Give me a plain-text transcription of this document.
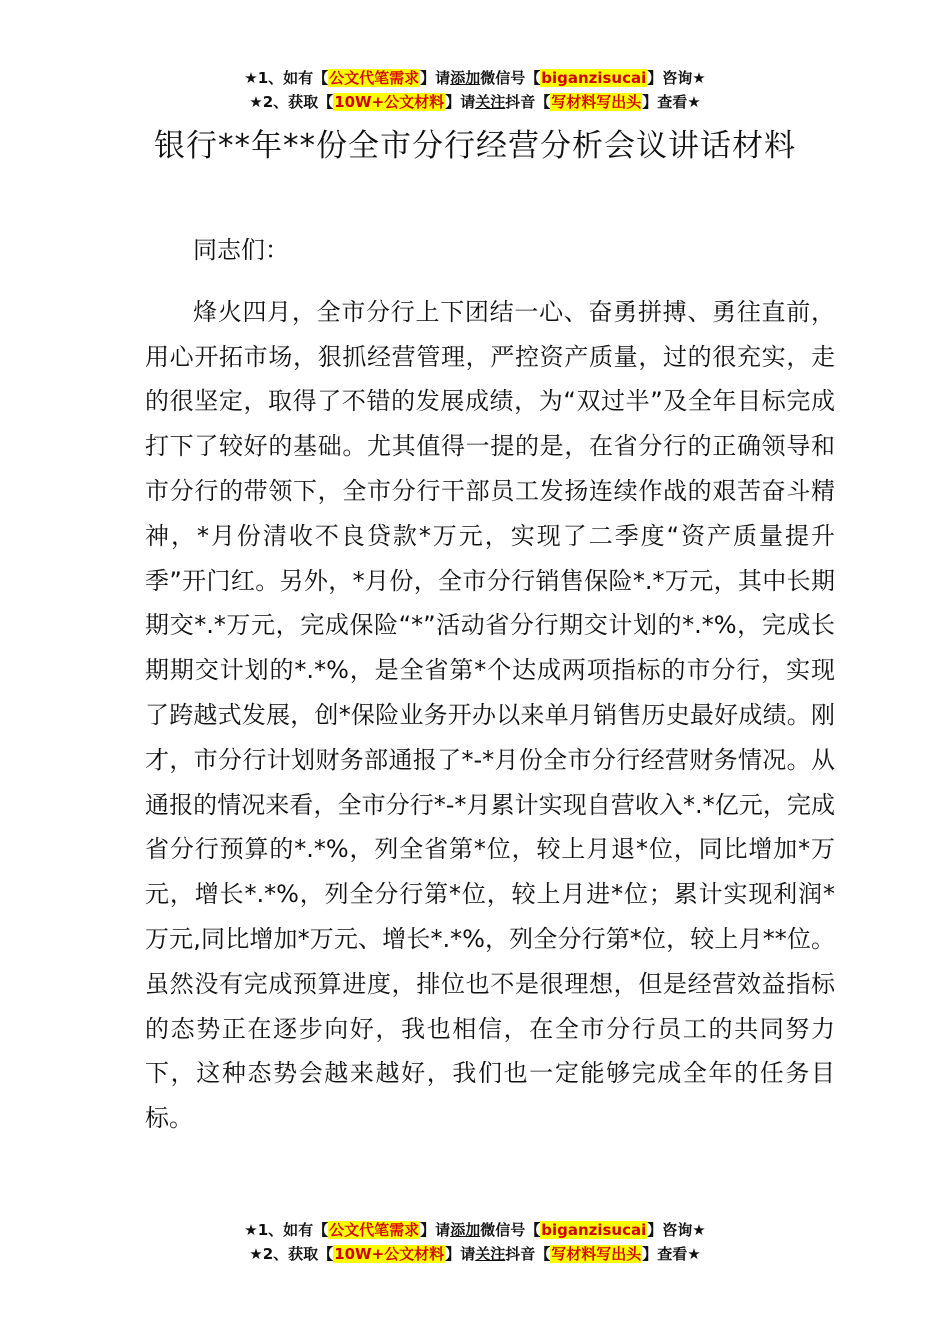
★1、如有【公文代笔需求】请添加微信号【biganzisucai】咨询★
★2、获取【10W+公文材料】请关注抖音【写材料写出头】查看★
银行**年**份全市分行经营分析会议讲话材料

同志们：

烽火四月，全市分行上下团结一心、奋勇拼搏、勇往直前，用心开拓市场，狠抓经营管理，严控资产质量，过的很充实，走的很坚定，取得了不错的发展成绩，为“双过半”及全年目标完成打下了较好的基础。尤其值得一提的是，在省分行的正确领导和市分行的带领下，全市分行干部员工发扬连续作战的艰苦奋斗精神，*月份清收不良贷款*万元，实现了二季度“资产质量提升季”开门红。另外，*月份，全市分行销售保险*.*万元，其中长期期交*.*万元，完成保险“*”活动省分行期交计划的*.*%，完成长期期交计划的*.*%，是全省第*个达成两项指标的市分行，实现了跨越式发展，创*保险业务开办以来单月销售历史最好成绩。刚才，市分行计划财务部通报了*-*月份全市分行经营财务情况。从通报的情况来看，全市分行*-*月累计实现自营收入*.*亿元，完成省分行预算的*.*%，列全省第*位，较上月退*位，同比增加*万元，增长*.*%，列全分行第*位，较上月进*位；累计实现利润*万元,同比增加*万元、增长*.*%，列全分行第*位，较上月**位。虽然没有完成预算进度，排位也不是很理想，但是经营效益指标的态势正在逐步向好，我也相信，在全市分行员工的共同努力下，这种态势会越来越好，我们也一定能够完成全年的任务目标。

★1、如有【公文代笔需求】请添加微信号【biganzisucai】咨询★
★2、获取【10W+公文材料】请关注抖音【写材料写出头】查看★
